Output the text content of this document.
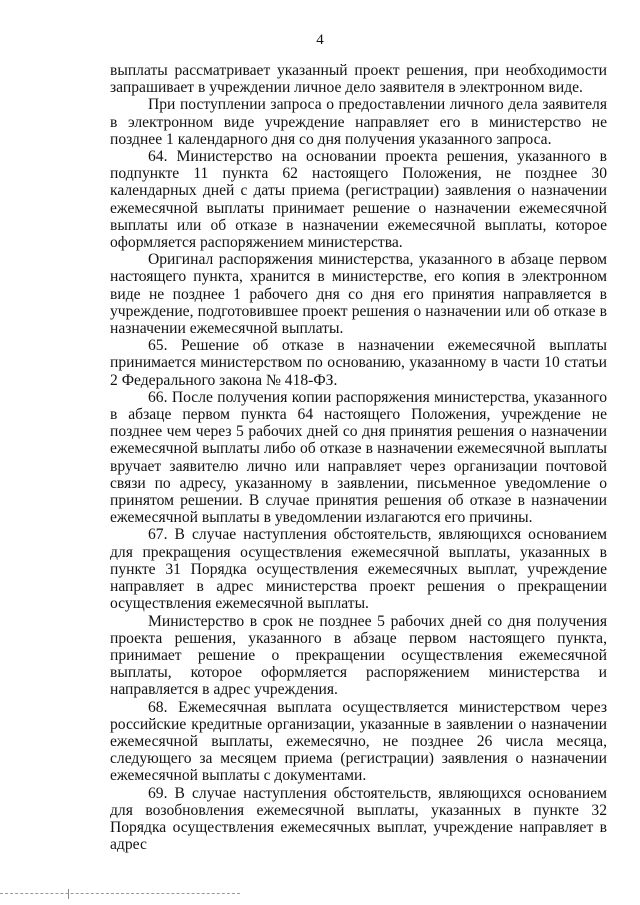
4

выплаты рассматривает указанный проект решения, при необходимости запрашивает в учреждении личное дело заявителя в электронном виде.

При поступлении запроса о предоставлении личного дела заявителя в электронном виде учреждение направляет его в министерство не позднее 1 календарного дня со дня получения указанного запроса.

64. Министерство на основании проекта решения, указанного в подпункте 11 пункта 62 настоящего Положения, не позднее 30 календарных дней с даты приема (регистрации) заявления о назначении ежемесячной выплаты принимает решение о назначении ежемесячной выплаты или об отказе в назначении ежемесячной выплаты, которое оформляется распоряжением министерства.

Оригинал распоряжения министерства, указанного в абзаце первом настоящего пункта, хранится в министерстве, его копия в электронном виде не позднее 1 рабочего дня со дня его принятия направляется в учреждение, подготовившее проект решения о назначении или об отказе в назначении ежемесячной выплаты.

65. Решение об отказе в назначении ежемесячной выплаты принимается министерством по основанию, указанному в части 10 статьи 2 Федерального закона № 418-ФЗ.

66. После получения копии распоряжения министерства, указанного в абзаце первом пункта 64 настоящего Положения, учреждение не позднее чем через 5 рабочих дней со дня принятия решения о назначении ежемесячной выплаты либо об отказе в назначении ежемесячной выплаты вручает заявителю лично или направляет через организации почтовой связи по адресу, указанному в заявлении, письменное уведомление о принятом решении. В случае принятия решения об отказе в назначении ежемесячной выплаты в уведомлении излагаются его причины.

67. В случае наступления обстоятельств, являющихся основанием для прекращения осуществления ежемесячной выплаты, указанных в пункте 31 Порядка осуществления ежемесячных выплат, учреждение направляет в адрес министерства проект решения о прекращении осуществления ежемесячной выплаты.

Министерство в срок не позднее 5 рабочих дней со дня получения проекта решения, указанного в абзаце первом настоящего пункта, принимает решение о прекращении осуществления ежемесячной выплаты, которое оформляется распоряжением министерства и направляется в адрес учреждения.

68. Ежемесячная выплата осуществляется министерством через российские кредитные организации, указанные в заявлении о назначении ежемесячной выплаты, ежемесячно, не позднее 26 числа месяца, следующего за месяцем приема (регистрации) заявления о назначении ежемесячной выплаты с документами.

69. В случае наступления обстоятельств, являющихся основанием для возобновления ежемесячной выплаты, указанных в пункте 32 Порядка осуществления ежемесячных выплат, учреждение направляет в адрес
